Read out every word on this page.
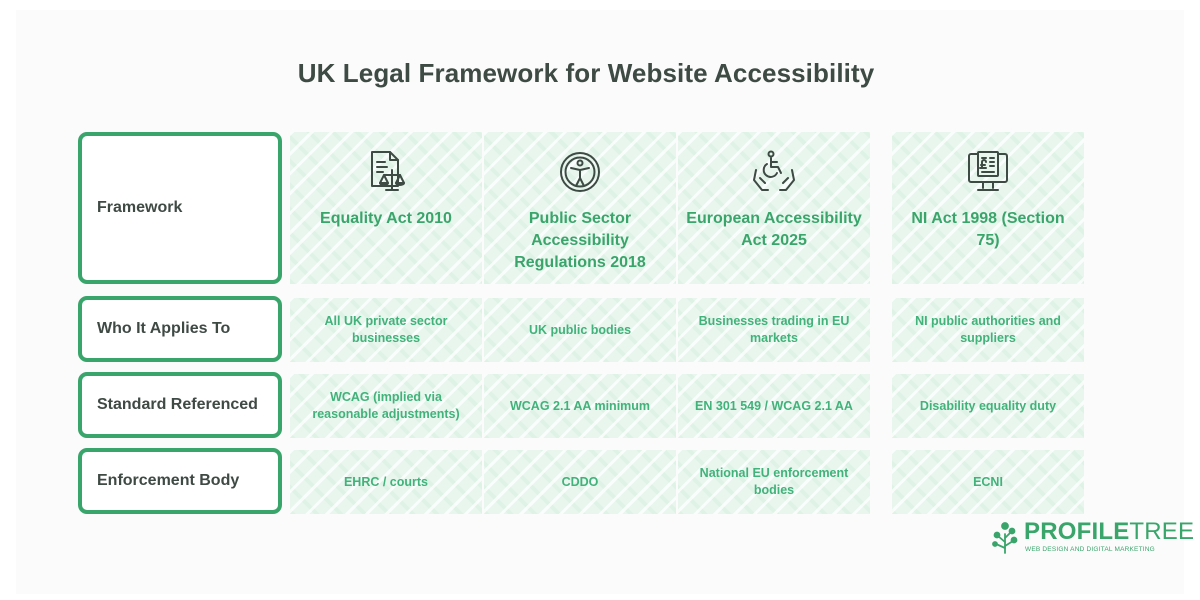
UK Legal Framework for Website Accessibility
Framework
Who It Applies To
Standard Referenced
Enforcement Body
Equality Act 2010
All UK private sector businesses
WCAG (implied via reasonable adjustments)
EHRC / courts
Public Sector Accessibility Regulations 2018
UK public bodies
WCAG 2.1 AA minimum
CDDO
European Accessibility Act 2025
Businesses trading in EU markets
EN 301 549 / WCAG 2.1 AA
National EU enforcement bodies
NI Act 1998 (Section 75)
NI public authorities and suppliers
Disability equality duty
ECNI
PROFILETREE
WEB DESIGN AND DIGITAL MARKETING
